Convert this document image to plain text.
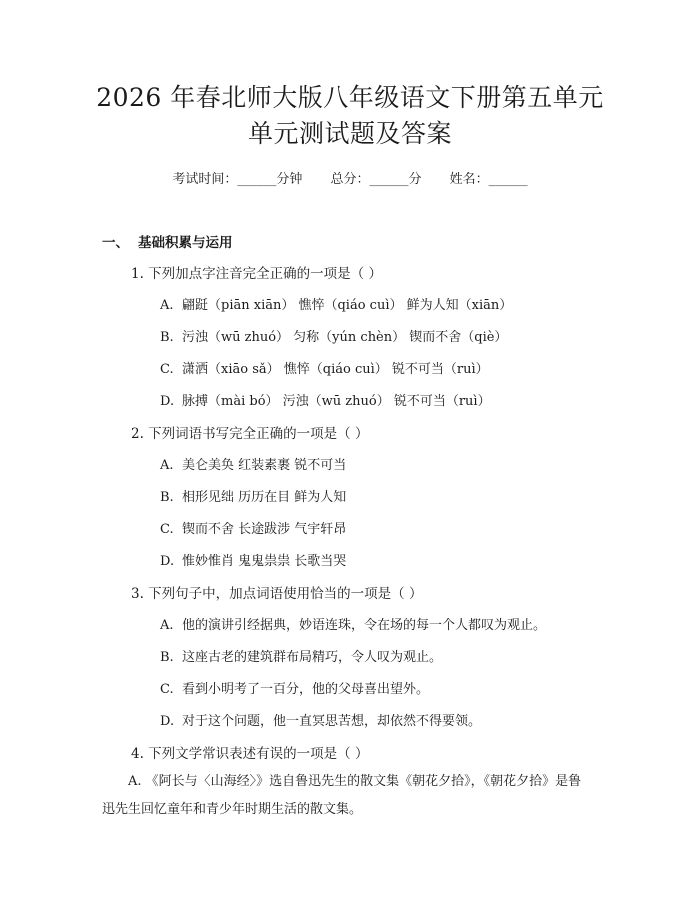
2026 年春北师大版八年级语文下册第五单元
单元测试题及答案
考试时间：______分钟 总分：______分 姓名：______
一、 基础积累与运用
1. 下列加点字注音完全正确的一项是（ ）
A. 翩跹（piān xiān） 憔悴（qiáo cuì） 鲜为人知（xiān）
B. 污浊（wū zhuó） 匀称（yún chèn） 锲而不舍（qiè）
C. 潇洒（xiāo sǎ） 憔悴（qiáo cuì） 锐不可当（ruì）
D. 脉搏（mài bó） 污浊（wū zhuó） 锐不可当（ruì）
2. 下列词语书写完全正确的一项是（ ）
A. 美仑美奂 红装素裹 锐不可当
B. 相形见绌 历历在目 鲜为人知
C. 锲而不舍 长途跋涉 气宇轩昂
D. 惟妙惟肖 鬼鬼祟祟 长歌当哭
3. 下列句子中，加点词语使用恰当的一项是（ ）
A. 他的演讲引经据典，妙语连珠，令在场的每一个人都叹为观止。
B. 这座古老的建筑群布局精巧，令人叹为观止。
C. 看到小明考了一百分，他的父母喜出望外。
D. 对于这个问题，他一直冥思苦想，却依然不得要领。
4. 下列文学常识表述有误的一项是（ ）
A. 《阿长与〈山海经〉》选自鲁迅先生的散文集《朝花夕拾》，《朝花夕拾》是鲁迅先生回忆童年和青少年时期生活的散文集。
